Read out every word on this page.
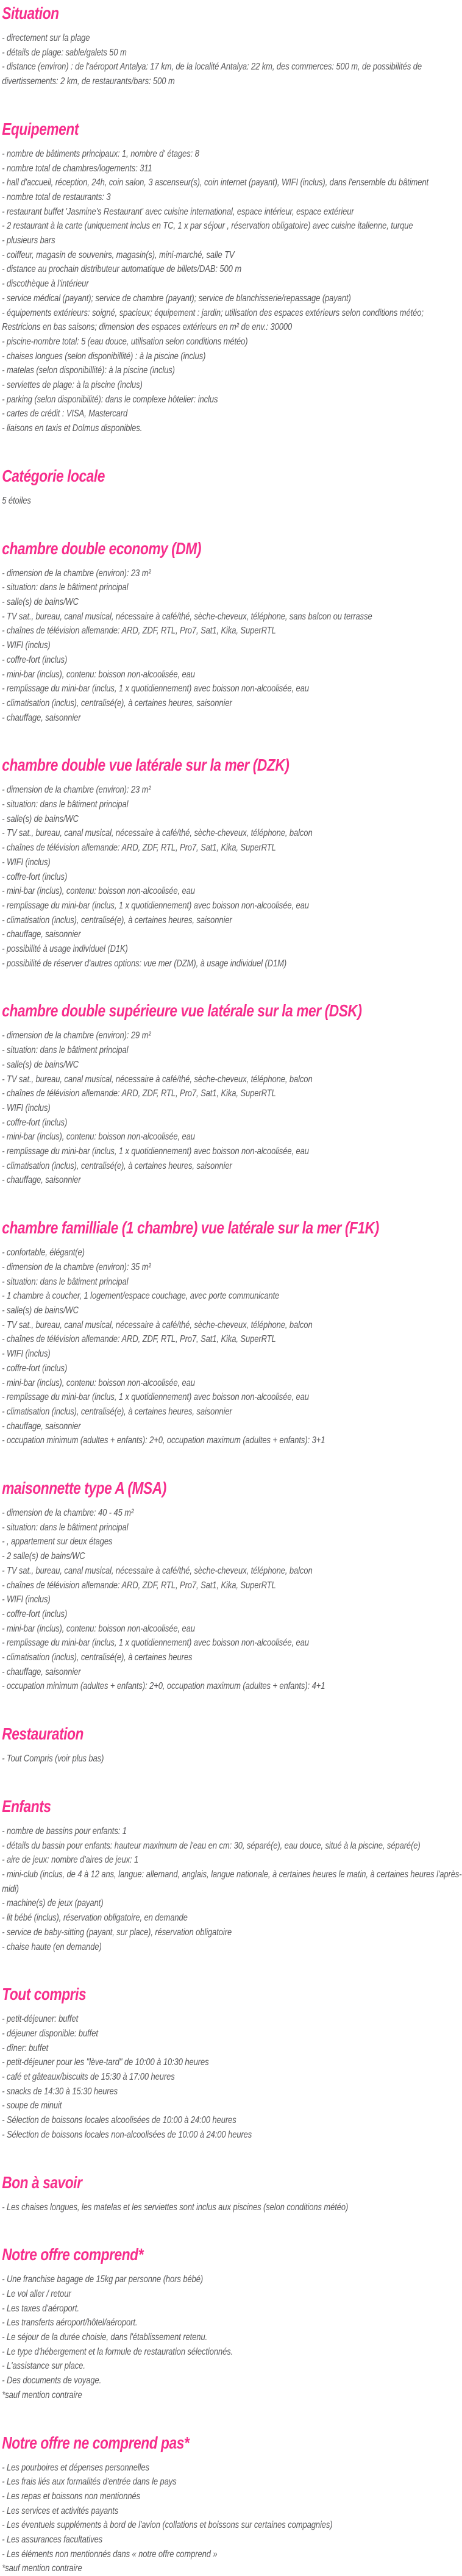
Situation

- directement sur la plage

- détails de plage: sable/galets 50 m

- distance (environ) : de l'aéroport Antalya: 17 km, de la localité Antalya: 22 km, des commerces: 500 m, de possibilités de divertissements: 2 km, de restaurants/bars: 500 m

Equipement

- nombre de bâtiments principaux: 1, nombre d' étages: 8

- nombre total de chambres/logements: 311

- hall d'accueil, réception, 24h, coin salon, 3 ascenseur(s), coin internet (payant), WIFI (inclus), dans l'ensemble du bâtiment

- nombre total de restaurants: 3

- restaurant buffet 'Jasmine's Restaurant' avec cuisine international, espace intérieur, espace extérieur

- 2 restaurant à la carte (uniquement inclus en TC, 1 x par séjour , réservation obligatoire) avec cuisine italienne, turque

- plusieurs bars

- coiffeur, magasin de souvenirs, magasin(s), mini-marché, salle TV

- distance au prochain distributeur automatique de billets/DAB: 500 m

- discothèque à l'intérieur

- service médical (payant); service de chambre (payant); service de blanchisserie/repassage (payant)

- équipements extérieurs: soigné, spacieux; équipement : jardin; utilisation des espaces extérieurs selon conditions météo; Restricions en bas saisons; dimension des espaces extérieurs en m² de env.: 30000

- piscine-nombre total: 5 (eau douce, utilisation selon conditions météo)

- chaises longues (selon disponibillité) : à la piscine (inclus)

- matelas (selon disponibillité): à la piscine (inclus)

- serviettes de plage: à la piscine (inclus)

- parking (selon disponibilité): dans le complexe hôtelier: inclus

- cartes de crédit : VISA, Mastercard

- liaisons en taxis et Dolmus disponibles.

Catégorie locale

5 étoiles

chambre double economy (DM)

- dimension de la chambre (environ): 23 m²

- situation: dans le bâtiment principal

- salle(s) de bains/WC

- TV sat., bureau, canal musical, nécessaire à café/thé, sèche-cheveux, téléphone, sans balcon ou terrasse

- chaînes de télévision allemande: ARD, ZDF, RTL, Pro7, Sat1, Kika, SuperRTL

- WIFI (inclus)

- coffre-fort (inclus)

- mini-bar (inclus), contenu: boisson non-alcoolisée, eau

- remplissage du mini-bar (inclus, 1 x quotidiennement) avec boisson non-alcoolisée, eau

- climatisation (inclus), centralisé(e), à certaines heures, saisonnier

- chauffage, saisonnier

chambre double vue latérale sur la mer (DZK)

- dimension de la chambre (environ): 23 m²

- situation: dans le bâtiment principal

- salle(s) de bains/WC

- TV sat., bureau, canal musical, nécessaire à café/thé, sèche-cheveux, téléphone, balcon

- chaînes de télévision allemande: ARD, ZDF, RTL, Pro7, Sat1, Kika, SuperRTL

- WIFI (inclus)

- coffre-fort (inclus)

- mini-bar (inclus), contenu: boisson non-alcoolisée, eau

- remplissage du mini-bar (inclus, 1 x quotidiennement) avec boisson non-alcoolisée, eau

- climatisation (inclus), centralisé(e), à certaines heures, saisonnier

- chauffage, saisonnier

- possibilité à usage individuel (D1K)

- possibilité de réserver d'autres options: vue mer (DZM), à usage individuel (D1M)

chambre double supérieure vue latérale sur la mer (DSK)

- dimension de la chambre (environ): 29 m²

- situation: dans le bâtiment principal

- salle(s) de bains/WC

- TV sat., bureau, canal musical, nécessaire à café/thé, sèche-cheveux, téléphone, balcon

- chaînes de télévision allemande: ARD, ZDF, RTL, Pro7, Sat1, Kika, SuperRTL

- WIFI (inclus)

- coffre-fort (inclus)

- mini-bar (inclus), contenu: boisson non-alcoolisée, eau

- remplissage du mini-bar (inclus, 1 x quotidiennement) avec boisson non-alcoolisée, eau

- climatisation (inclus), centralisé(e), à certaines heures, saisonnier

- chauffage, saisonnier

chambre familliale (1 chambre) vue latérale sur la mer (F1K)

- confortable, élégant(e)

- dimension de la chambre (environ): 35 m²

- situation: dans le bâtiment principal

- 1 chambre à coucher, 1 logement/espace couchage, avec porte communicante

- salle(s) de bains/WC

- TV sat., bureau, canal musical, nécessaire à café/thé, sèche-cheveux, téléphone, balcon

- chaînes de télévision allemande: ARD, ZDF, RTL, Pro7, Sat1, Kika, SuperRTL

- WIFI (inclus)

- coffre-fort (inclus)

- mini-bar (inclus), contenu: boisson non-alcoolisée, eau

- remplissage du mini-bar (inclus, 1 x quotidiennement) avec boisson non-alcoolisée, eau

- climatisation (inclus), centralisé(e), à certaines heures, saisonnier

- chauffage, saisonnier

- occupation minimum (adultes + enfants): 2+0, occupation maximum (adultes + enfants): 3+1

maisonnette type A (MSA)

- dimension de la chambre: 40 - 45 m²

- situation: dans le bâtiment principal

- , appartement sur deux étages

- 2 salle(s) de bains/WC

- TV sat., bureau, canal musical, nécessaire à café/thé, sèche-cheveux, téléphone, balcon

- chaînes de télévision allemande: ARD, ZDF, RTL, Pro7, Sat1, Kika, SuperRTL

- WIFI (inclus)

- coffre-fort (inclus)

- mini-bar (inclus), contenu: boisson non-alcoolisée, eau

- remplissage du mini-bar (inclus, 1 x quotidiennement) avec boisson non-alcoolisée, eau

- climatisation (inclus), centralisé(e), à certaines heures

- chauffage, saisonnier

- occupation minimum (adultes + enfants): 2+0, occupation maximum (adultes + enfants): 4+1

Restauration

- Tout Compris (voir plus bas)

Enfants

- nombre de bassins pour enfants: 1

- détails du bassin pour enfants: hauteur maximum de l'eau en cm: 30, séparé(e), eau douce, situé à la piscine, séparé(e)

- aire de jeux: nombre d'aires de jeux: 1

- mini-club (inclus, de 4 à 12 ans, langue: allemand, anglais, langue nationale, à certaines heures le matin, à certaines heures l'après-midi)

- machine(s) de jeux (payant)

- lit bébé (inclus), réservation obligatoire, en demande

- service de baby-sitting (payant, sur place), réservation obligatoire

- chaise haute (en demande)

Tout compris

- petit-déjeuner: buffet

- déjeuner disponible: buffet

- dîner: buffet

- petit-déjeuner pour les "lève-tard" de 10:00 à 10:30 heures

- café et gâteaux/biscuits de 15:30 à 17:00 heures

- snacks de 14:30 à 15:30 heures

- soupe de minuit

- Sélection de boissons locales alcoolisées de 10:00 à 24:00 heures

- Sélection de boissons locales non-alcoolisées de 10:00 à 24:00 heures

Bon à savoir

- Les chaises longues, les matelas et les serviettes sont inclus aux piscines (selon conditions météo)

Notre offre comprend*

- Une franchise bagage de 15kg par personne (hors bébé)

- Le vol aller / retour

- Les taxes d'aéroport.

- Les transferts aéroport/hôtel/aéroport.

- Le séjour de la durée choisie, dans l'établissement retenu.

- Le type d'hébergement et la formule de restauration sélectionnés.

- L'assistance sur place.

- Des documents de voyage.

*sauf mention contraire

Notre offre ne comprend pas*

- Les pourboires et dépenses personnelles

- Les frais liés aux formalités d'entrée dans le pays

- Les repas et boissons non mentionnés

- Les services et activités payants

- Les éventuels suppléments à bord de l'avion (collations et boissons sur certaines compagnies)

- Les assurances facultatives

- Les éléments non mentionnés dans « notre offre comprend »

*sauf mention contraire
